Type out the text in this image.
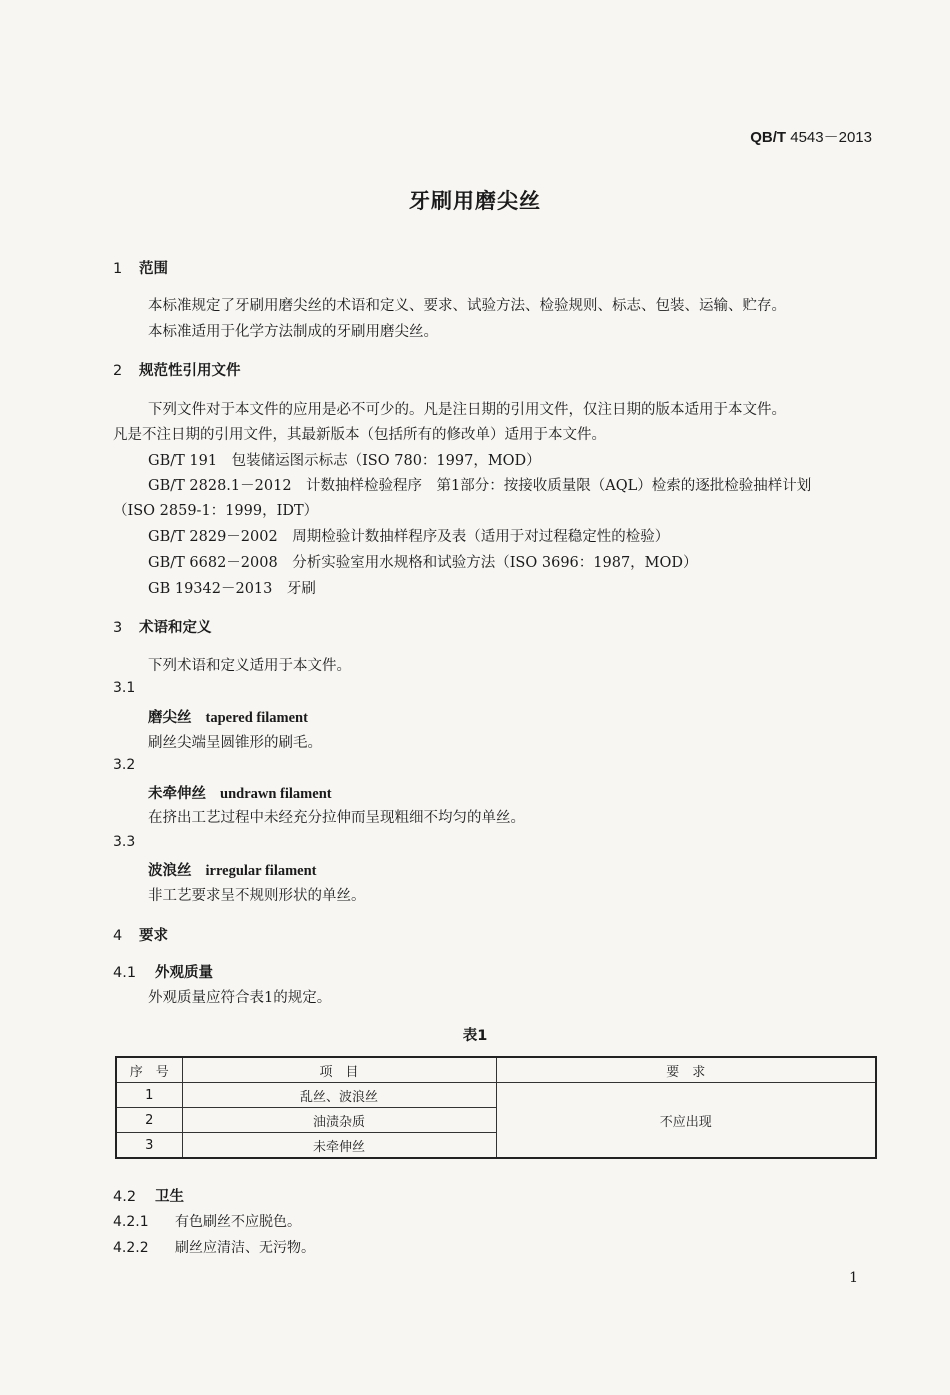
QB/T 4543－2013
牙刷用磨尖丝
1 范围
本标准规定了牙刷用磨尖丝的术语和定义、要求、试验方法、检验规则、标志、包装、运输、贮存。
本标准适用于化学方法制成的牙刷用磨尖丝。
2 规范性引用文件
下列文件对于本文件的应用是必不可少的。凡是注日期的引用文件，仅注日期的版本适用于本文件。
凡是不注日期的引用文件，其最新版本（包括所有的修改单）适用于本文件。
GB/T 191　包装储运图示标志（ISO 780：1997，MOD）
GB/T 2828.1－2012　计数抽样检验程序　第1部分：按接收质量限（AQL）检索的逐批检验抽样计划
（ISO 2859-1：1999，IDT）
GB/T 2829－2002　周期检验计数抽样程序及表（适用于对过程稳定性的检验）
GB/T 6682－2008　分析实验室用水规格和试验方法（ISO 3696：1987，MOD）
GB 19342－2013　牙刷
3 术语和定义
下列术语和定义适用于本文件。
3.1
磨尖丝 tapered filament
刷丝尖端呈圆锥形的刷毛。
3.2
未牵伸丝 undrawn filament
在挤出工艺过程中未经充分拉伸而呈现粗细不均匀的单丝。
3.3
波浪丝 irregular filament
非工艺要求呈不规则形状的单丝。
4 要求
4.1 外观质量
外观质量应符合表1的规定。
表1
序　号	项　目	要　求
1	乱丝、波浪丝	不应出现
2	油渍杂质	
3	未牵伸丝	
4.2 卫生
4.2.1 有色刷丝不应脱色。
4.2.2 刷丝应清洁、无污物。
1
